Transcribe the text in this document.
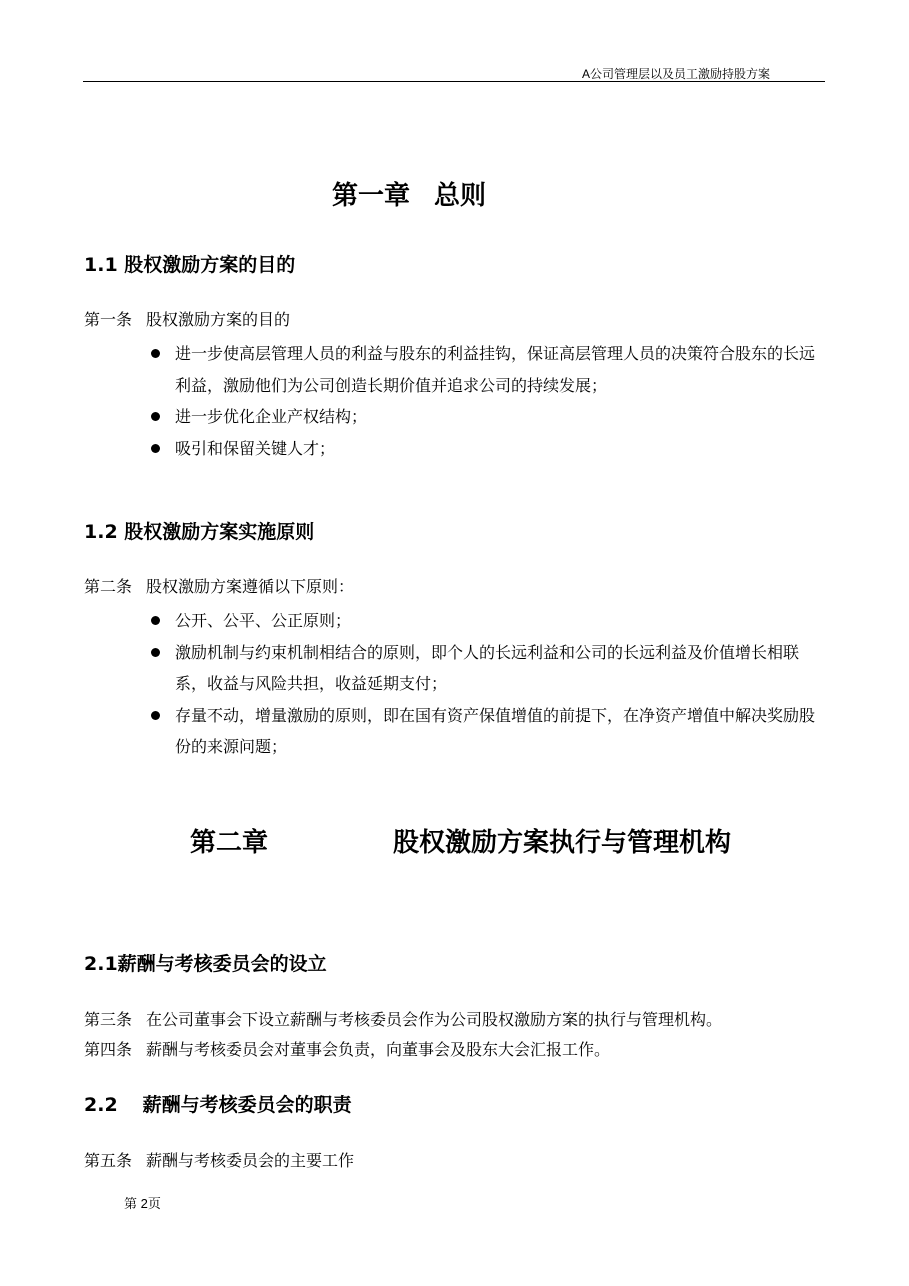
A公司管理层以及员工激励持股方案
第一章 总则
1.1 股权激励方案的目的
第一条 股权激励方案的目的
进一步使高层管理人员的利益与股东的利益挂钩，保证高层管理人员的决策符合股东的长远利益，激励他们为公司创造长期价值并追求公司的持续发展；
进一步优化企业产权结构；
吸引和保留关键人才；
1.2 股权激励方案实施原则
第二条 股权激励方案遵循以下原则：
公开、公平、公正原则；
激励机制与约束机制相结合的原则，即个人的长远利益和公司的长远利益及价值增长相联系，收益与风险共担，收益延期支付；
存量不动，增量激励的原则，即在国有资产保值增值的前提下，在净资产增值中解决奖励股份的来源问题；
第二章	股权激励方案执行与管理机构
2.1薪酬与考核委员会的设立
第三条 在公司董事会下设立薪酬与考核委员会作为公司股权激励方案的执行与管理机构。
第四条 薪酬与考核委员会对董事会负责，向董事会及股东大会汇报工作。
2.2 薪酬与考核委员会的职责
第五条 薪酬与考核委员会的主要工作
第 2页
